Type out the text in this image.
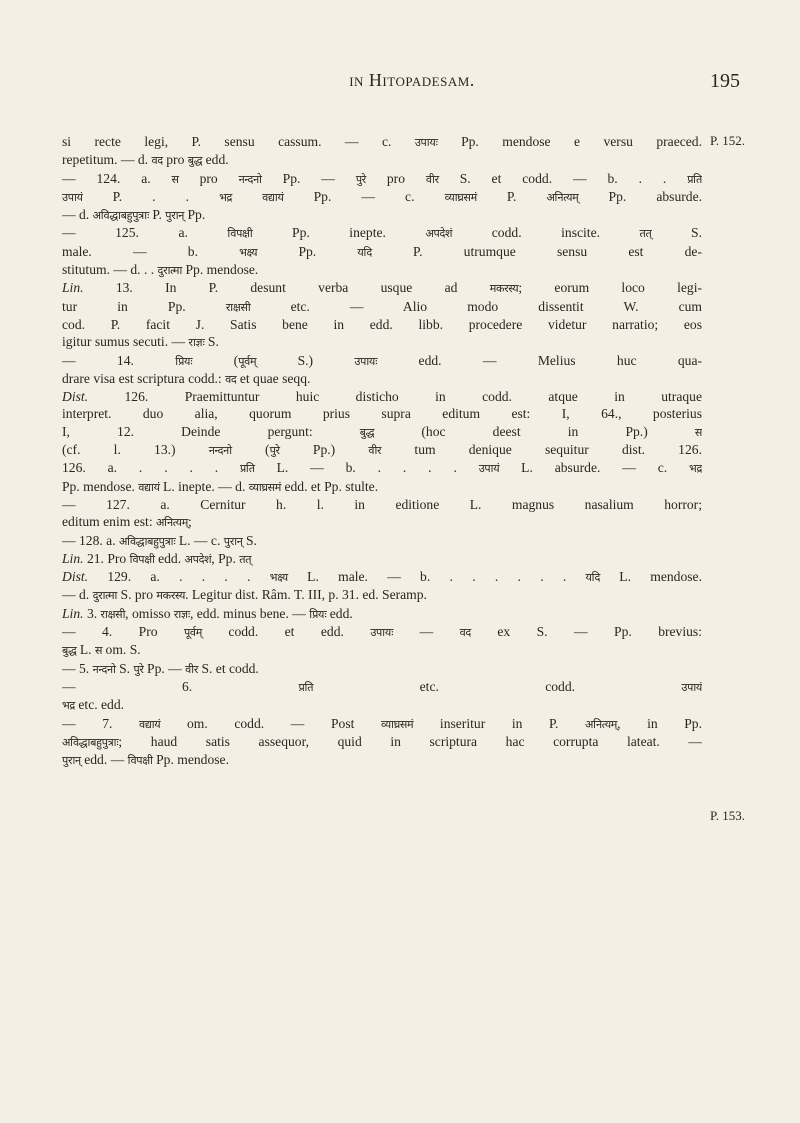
in Hitopadesam.	195
si recte legi, P. sensu cassum. — c. उपायः Pp. mendose e versu praeced.
repetitum. — d. वद pro बुद्ध edd.
— 124. a. स pro नन्दनो Pp. — पुरे pro वीर S. et codd. — b. . . प्रति
उपायं P. . . भद्र	वद्यायं Pp. — c. व्याघ्रसमं P. अनित्यम् Pp. absurde.
— d. अविद्धाबहुपुत्राः P. पुरान् Pp.
— 125. a. विपक्षी Pp. inepte. अपदेशं codd. inscite. तत् S.
male. — b. भक्ष्य Pp. यदि P. utrumque sensu est de-
stitutum. — d. . . दुरात्मा Pp. mendose.
Lin. 13. In P. desunt verba usque ad मकरस्य; eorum loco legi-
tur in Pp. राक्षसी etc. — Alio modo dissentit W. cum
cod. P. facit J. Satis bene in edd. libb. procedere videtur narratio; eos
igitur sumus secuti. — राज्ञः S.
— 14. प्रियः (पूर्वम् S.) उपायः edd. — Melius huc qua-
drare visa est scriptura codd.: वद et quae seqq.
Dist. 126. Praemittuntur huic disticho in codd. atque in utraque
interpret. duo alia, quorum prius supra editum est: I, 64., posterius
I, 12. Deinde pergunt: बुद्ध (hoc deest in Pp.) स
(cf. l. 13.) नन्दनो (पुरे Pp.) वीर tum denique sequitur dist. 126.
126. a. . . . . प्रति L. — b. . . . . उपायं L. absurde. — c. भद्र
Pp. mendose. वद्यायं L. inepte. — d. व्याघ्रसमं edd. et Pp. stulte.
— 127. a. Cernitur h. l. in editione L. magnus nasalium horror;
editum enim est: अनित्यम्;
— 128. a. अविद्धाबहुपुत्राः L. — c. पुरान् S.
Lin. 21. Pro विपक्षी edd. अपदेशं, Pp. तत्
Dist. 129. a. . . . . भक्ष्य L. male. — b. . . . . . . यदि L. mendose.
— d. दुरात्मा S. pro मकरस्य. Legitur dist. Râm. T. III, p. 31. ed. Seramp.
Lin. 3. राक्षसी, omisso राज्ञः, edd. minus bene. — प्रियः edd.
— 4. Pro पूर्वम् codd. et edd. उपायः — वद ex S. — Pp. brevius:
बुद्ध L. स om. S.
— 5. नन्दनो S. पुरे Pp. — वीर S. et codd.
— 6. प्रति etc. codd. उपायं
भद्र etc. edd.
— 7. वद्यायं om. codd. — Post व्याघ्रसमं inseritur in P. अनित्यम्, in Pp.
अविद्धाबहुपुत्राः; haud satis assequor, quid in scriptura hac corrupta lateat. —
पुरान् edd. — विपक्षी Pp. mendose.
P. 152.
P. 153.
